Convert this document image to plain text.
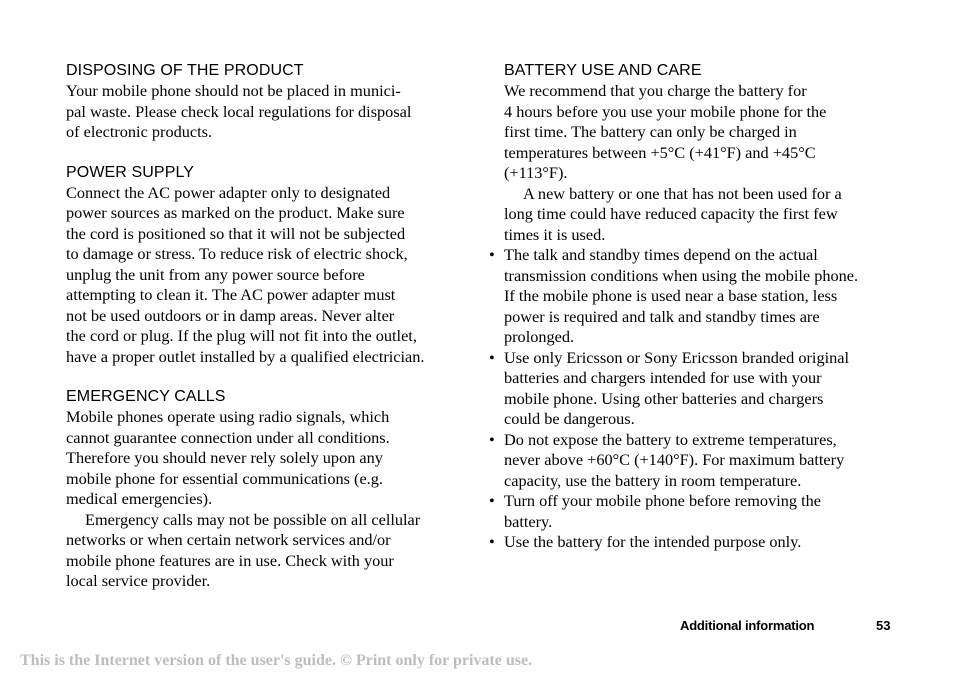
DISPOSING OF THE PRODUCT

Your mobile phone should not be placed in munici-
pal waste. Please check local regulations for disposal
of electronic products.

POWER SUPPLY

Connect the AC power adapter only to designated
power sources as marked on the product. Make sure
the cord is positioned so that it will not be subjected
to damage or stress. To reduce risk of electric shock,
unplug the unit from any power source before
attempting to clean it. The AC power adapter must
not be used outdoors or in damp areas. Never alter
the cord or plug. If the plug will not fit into the outlet,
have a proper outlet installed by a qualified electrician.

EMERGENCY CALLS

Mobile phones operate using radio signals, which
cannot guarantee connection under all conditions.
Therefore you should never rely solely upon any
mobile phone for essential communications (e.g.
medical emergencies).

Emergency calls may not be possible on all cellular
networks or when certain network services and/or
mobile phone features are in use. Check with your
local service provider.

BATTERY USE AND CARE

We recommend that you charge the battery for
4 hours before you use your mobile phone for the
first time. The battery can only be charged in
temperatures between +5°C (+41°F) and +45°C
(+113°F).

A new battery or one that has not been used for a
long time could have reduced capacity the first few
times it is used.

• The talk and standby times depend on the actual
transmission conditions when using the mobile phone.
If the mobile phone is used near a base station, less
power is required and talk and standby times are
prolonged.
• Use only Ericsson or Sony Ericsson branded original
batteries and chargers intended for use with your
mobile phone. Using other batteries and chargers
could be dangerous.
• Do not expose the battery to extreme temperatures,
never above +60°C (+140°F). For maximum battery
capacity, use the battery in room temperature.
• Turn off your mobile phone before removing the
battery.
• Use the battery for the intended purpose only.
Additional information	53
This is the Internet version of the user's guide. © Print only for private use.
